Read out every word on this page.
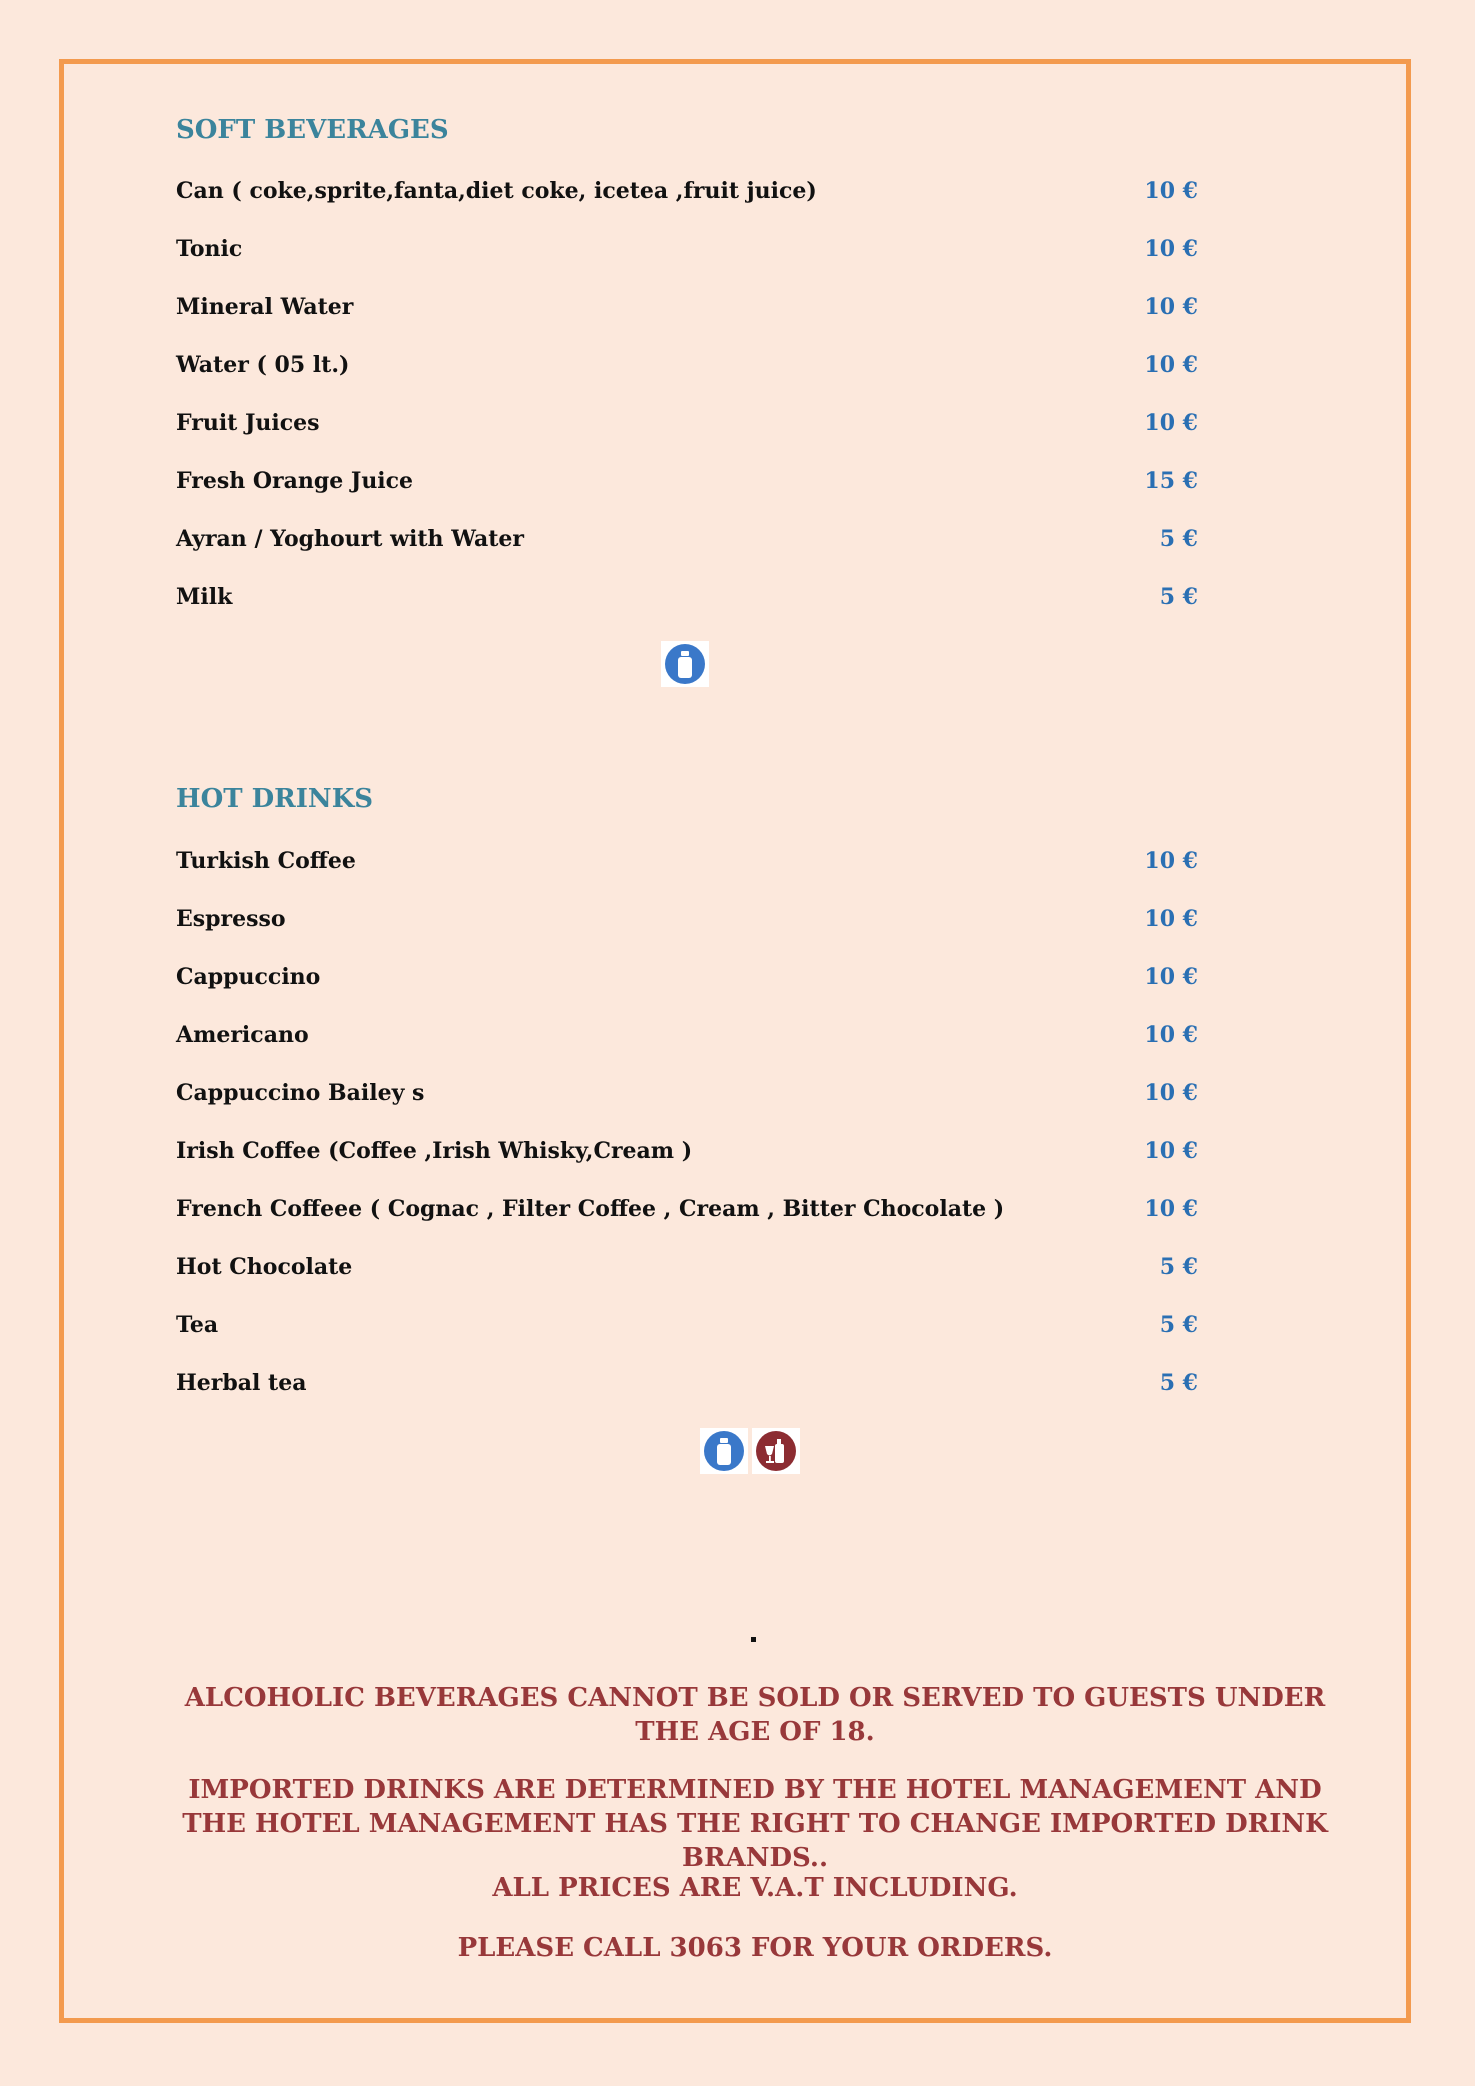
SOFT BEVERAGES
Can ( coke,sprite,fanta,diet coke, icetea ,fruit juice)	10 €
Tonic	10 €
Mineral Water	10 €
Water ( 05 lt.)	10 €
Fruit Juices	10 €
Fresh Orange Juice	15 €
Ayran / Yoghourt with Water	5 €
Milk	5 €
HOT DRINKS
Turkish Coffee	10 €
Espresso	10 €
Cappuccino	10 €
Americano	10 €
Cappuccino Bailey s	10 €
Irish Coffee (Coffee ,Irish Whisky,Cream )	10 €
French Coffeee ( Cognac , Filter Coffee , Cream , Bitter Chocolate )	10 €
Hot Chocolate	5 €
Tea	5 €
Herbal tea	5 €
ALCOHOLIC BEVERAGES CANNOT BE SOLD OR SERVED TO GUESTS UNDER THE AGE OF 18.
IMPORTED DRINKS ARE DETERMINED BY THE HOTEL MANAGEMENT AND THE HOTEL MANAGEMENT HAS THE RIGHT TO CHANGE IMPORTED DRINK BRANDS..
ALL PRICES ARE V.A.T INCLUDING.
PLEASE CALL 3063 FOR YOUR ORDERS.
